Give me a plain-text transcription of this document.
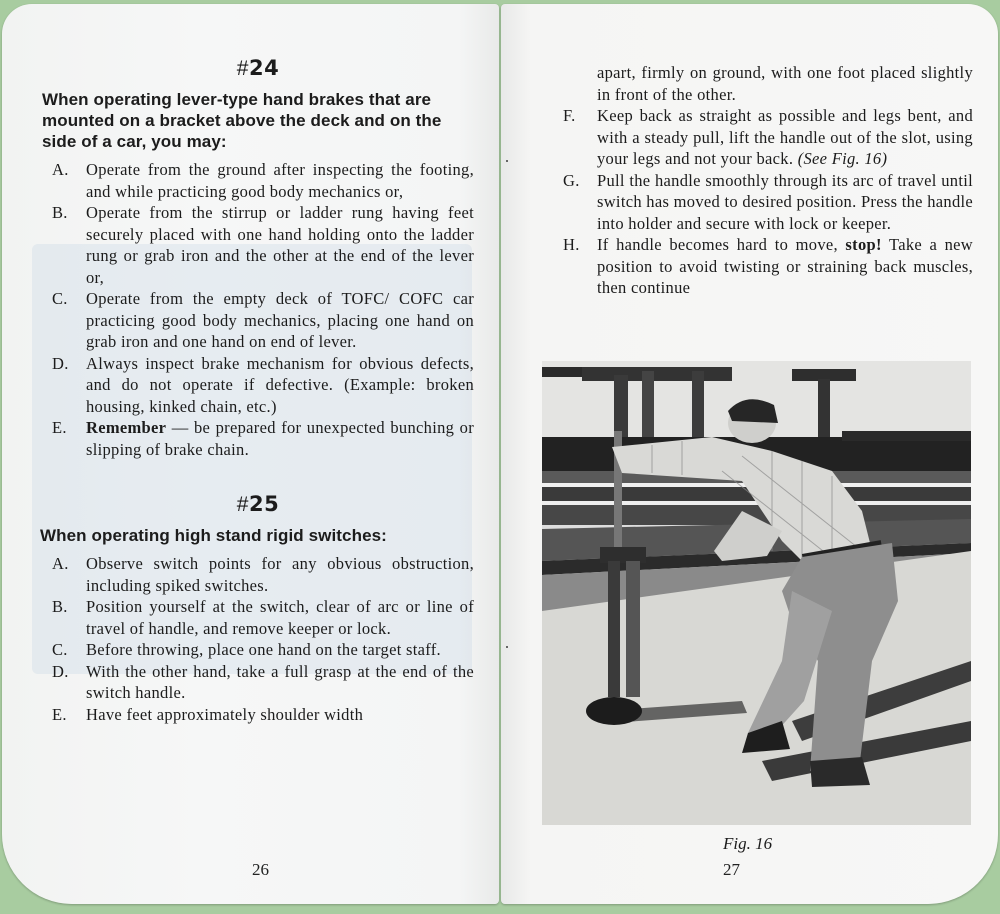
#24
When operating lever-type hand brakes that are mounted on a bracket above the deck and on the side of a car, you may:
A.	Operate from the ground after inspecting the footing, and while practicing good body mechanics or,
B.	Operate from the stirrup or ladder rung having feet securely placed with one hand holding onto the ladder rung or grab iron and the other at the end of the lever or,
C.	Operate from the empty deck of TOFC/ COFC car practicing good body mechanics, placing one hand on grab iron and one hand on end of lever.
D.	Always inspect brake mechanism for obvious defects, and do not operate if defective. (Example: broken housing, kinked chain, etc.)
E.	Remember — be prepared for unexpected bunching or slipping of brake chain.
#25
When operating high stand rigid switches:
A.	Observe switch points for any obvious obstruction, including spiked switches.
B.	Position yourself at the switch, clear of arc or line of travel of handle, and remove keeper or lock.
C.	Before throwing, place one hand on the target staff.
D.	With the other hand, take a full grasp at the end of the switch handle.
E.	Have feet approximately shoulder width
26
apart, firmly on ground, with one foot placed slightly in front of the other.
F.	Keep back as straight as possible and legs bent, and with a steady pull, lift the handle out of the slot, using your legs and not your back. (See Fig. 16)
G.	Pull the handle smoothly through its arc of travel until switch has moved to desired position. Press the handle into holder and secure with lock or keeper.
H.	If handle becomes hard to move, stop! Take a new position to avoid twisting or straining back muscles, then continue
Fig. 16
27
